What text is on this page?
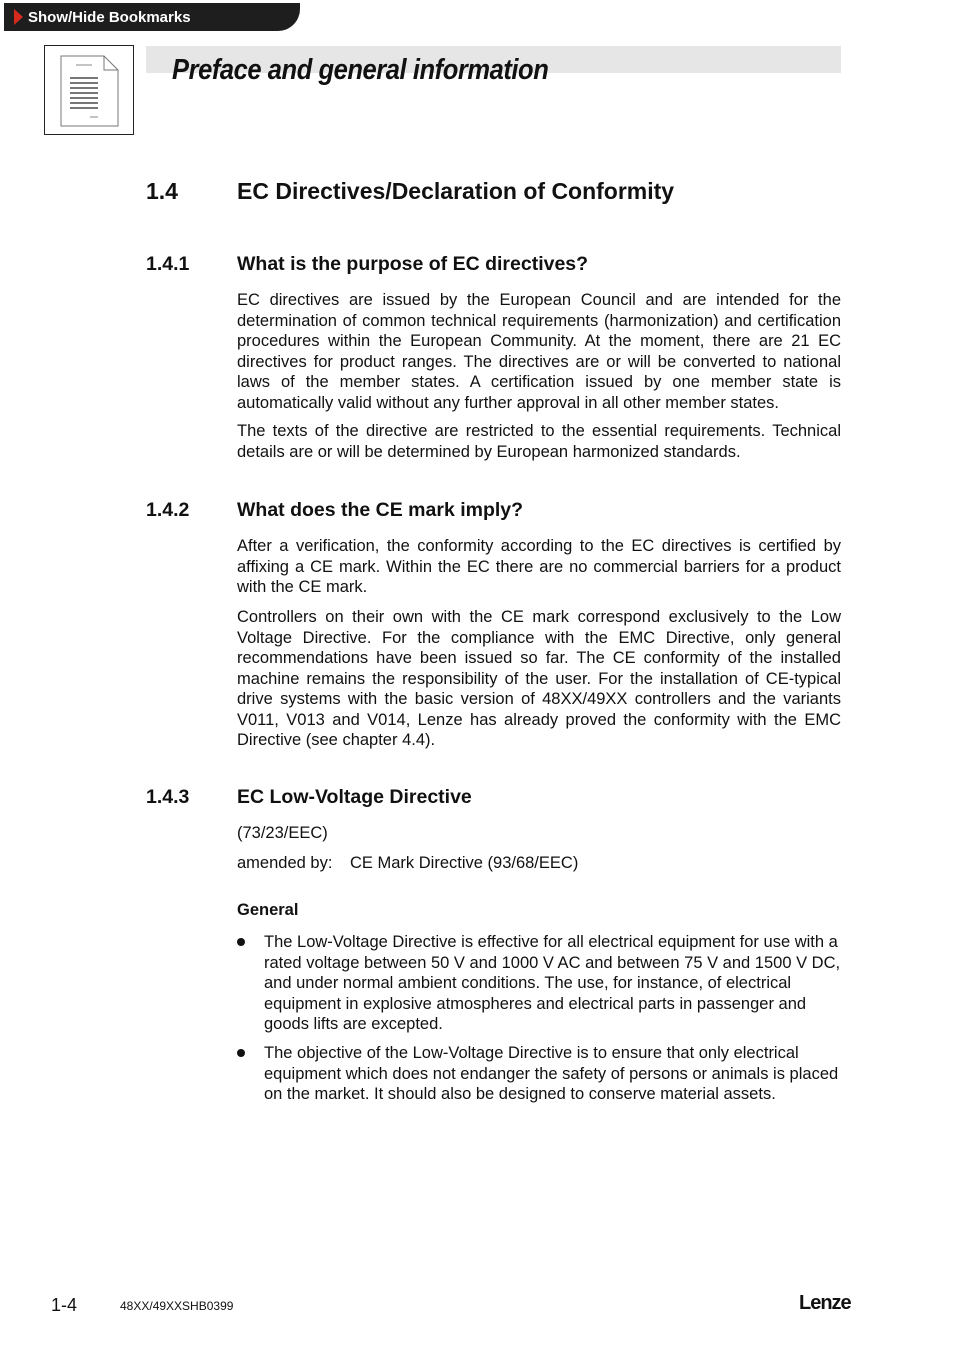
Show/Hide Bookmarks
Preface and general information
1.4	EC Directives/Declaration of Conformity
1.4.1 What is the purpose of EC directives?

EC directives are issued by the European Council and are intended for the determination of common technical requirements (harmonization) and certification procedures within the European Community. At the moment, there are 21 EC directives for product ranges. The directives are or will be converted to national laws of the member states. A certification issued by one member state is automatically valid without any further approval in all other member states.

The texts of the directive are restricted to the essential requirements. Technical details are or will be determined by European harmonized standards.

1.4.2 What does the CE mark imply?

After a verification, the conformity according to the EC directives is certified by affixing a CE mark. Within the EC there are no commercial barriers for a product with the CE mark.

Controllers on their own with the CE mark correspond exclusively to the Low Voltage Directive. For the compliance with the EMC Directive, only general recommendations have been issued so far. The CE conformity of the installed machine remains the responsibility of the user. For the installation of CE-typical drive systems with the basic version of 48XX/49XX controllers and the variants V011, V013 and V014, Lenze has already proved the conformity with the EMC Directive (see chapter 4.4).

1.4.3 EC Low-Voltage Directive

(73/23/EEC)

amended by: CE Mark Directive (93/68/EEC)

General

The Low-Voltage Directive is effective for all electrical equipment for use with a rated voltage between 50 V and 1000 V AC and between 75 V and 1500 V DC, and under normal ambient conditions. The use, for instance, of electrical equipment in explosive atmospheres and electrical parts in passenger and goods lifts are excepted.

The objective of the Low-Voltage Directive is to ensure that only electrical equipment which does not endanger the safety of persons or animals is placed on the market. It should also be designed to conserve material assets.

1-4	48XX/49XXSHB0399	Lenze
